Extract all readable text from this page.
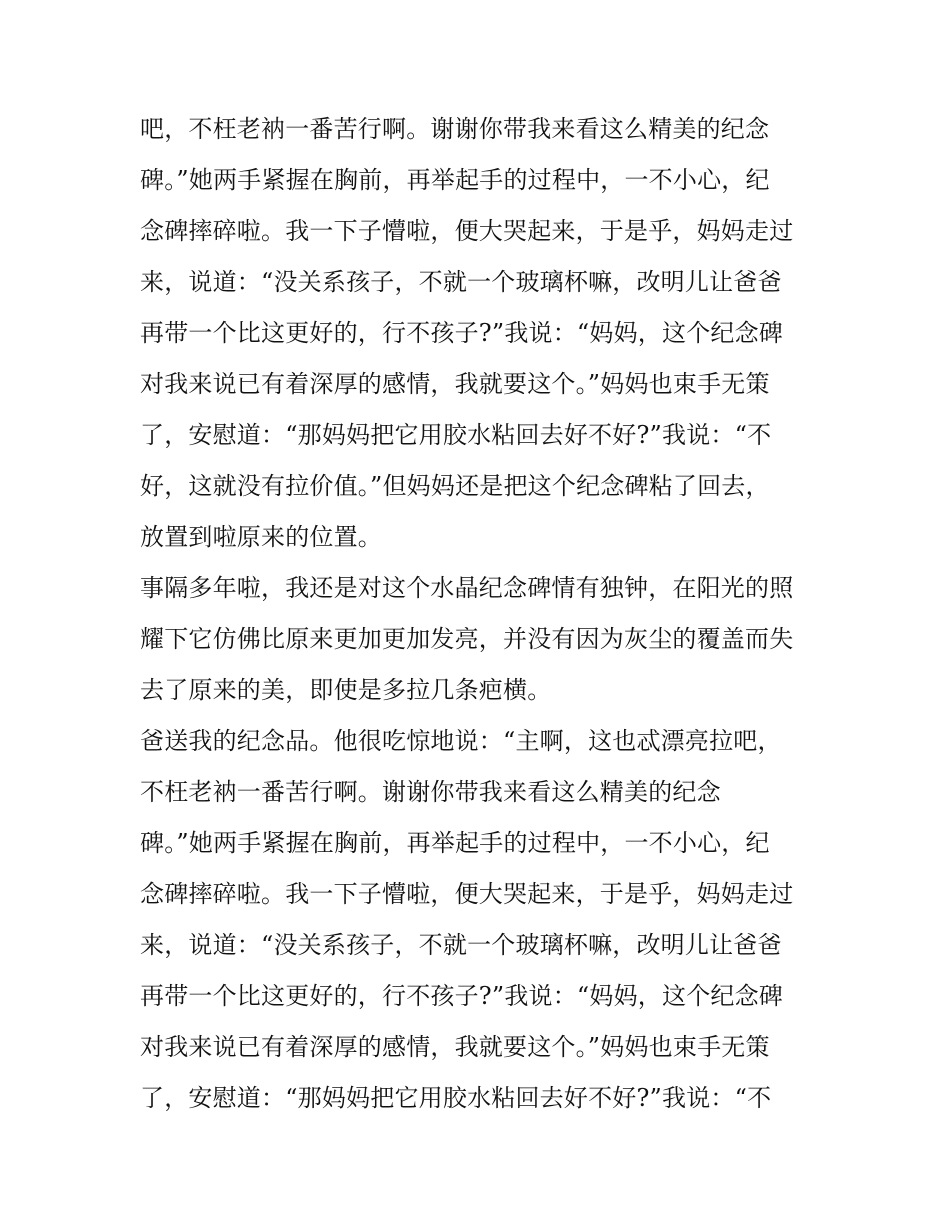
吧，不枉老衲一番苦行啊。谢谢你带我来看这么精美的纪念
碑。”她两手紧握在胸前，再举起手的过程中，一不小心，纪
念碑摔碎啦。我一下子懵啦，便大哭起来，于是乎，妈妈走过
来，说道：“没关系孩子，不就一个玻璃杯嘛，改明儿让爸爸
再带一个比这更好的，行不孩子?”我说：“妈妈，这个纪念碑
对我来说已有着深厚的感情，我就要这个。”妈妈也束手无策
了，安慰道：“那妈妈把它用胶水粘回去好不好?”我说：“不
好，这就没有拉价值。”但妈妈还是把这个纪念碑粘了回去，
放置到啦原来的位置。
事隔多年啦，我还是对这个水晶纪念碑情有独钟，在阳光的照
耀下它仿佛比原来更加更加发亮，并没有因为灰尘的覆盖而失
去了原来的美，即使是多拉几条疤横。
爸送我的纪念品。他很吃惊地说：“主啊，这也忒漂亮拉吧，
不枉老衲一番苦行啊。谢谢你带我来看这么精美的纪念
碑。”她两手紧握在胸前，再举起手的过程中，一不小心，纪
念碑摔碎啦。我一下子懵啦，便大哭起来，于是乎，妈妈走过
来，说道：“没关系孩子，不就一个玻璃杯嘛，改明儿让爸爸
再带一个比这更好的，行不孩子?”我说：“妈妈，这个纪念碑
对我来说已有着深厚的感情，我就要这个。”妈妈也束手无策
了，安慰道：“那妈妈把它用胶水粘回去好不好?”我说：“不
